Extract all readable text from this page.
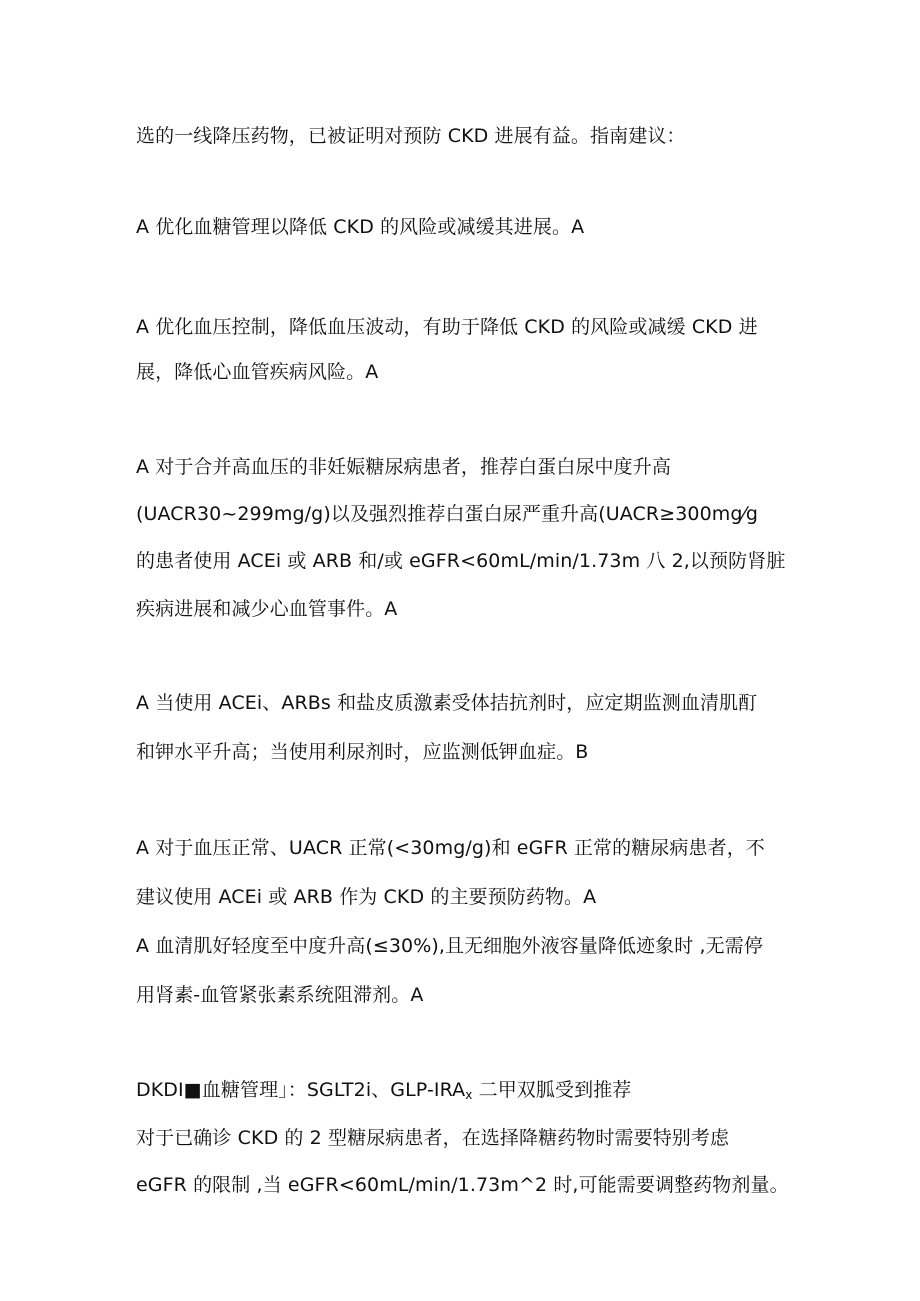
选的一线降压药物，已被证明对预防 CKD 进展有益。指南建议：
A 优化血糖管理以降低 CKD 的风险或减缓其进展。A
A 优化血压控制，降低血压波动，有助于降低 CKD 的风险或减缓 CKD 进
展，降低心血管疾病风险。A
A 对于合并高血压的非妊娠糖尿病患者，推荐白蛋白尿中度升高
(UACR30~299mg/g)以及强烈推荐白蛋白尿严重升高(UACR≥300mg⁄g
的患者使用 ACEi 或 ARB 和/或 eGFR<60mL/min/1.73m 八 2,以预防肾脏
疾病进展和减少心血管事件。A
A 当使用 ACEi、ARBs 和盐皮质激素受体拮抗剂时，应定期监测血清肌酊
和钾水平升高；当使用利尿剂时，应监测低钾血症。B
A 对于血压正常、UACR 正常(<30mg/g)和 eGFR 正常的糖尿病患者，不
建议使用 ACEi 或 ARB 作为 CKD 的主要预防药物。A
A 血清肌好轻度至中度升高(≤30%),且无细胞外液容量降低迹象时 ,无需停
用肾素-血管紧张素系统阻滞剂。A
DKDI■血糖管理」：SGLT2i、GLP-$IRA_x$ 二甲双胍受到推荐
对于已确诊 CKD 的 2 型糖尿病患者，在选择降糖药物时需要特别考虑
eGFR 的限制 ,当 eGFR<60mL/min/1.73m^2 时,可能需要调整药物剂量。
